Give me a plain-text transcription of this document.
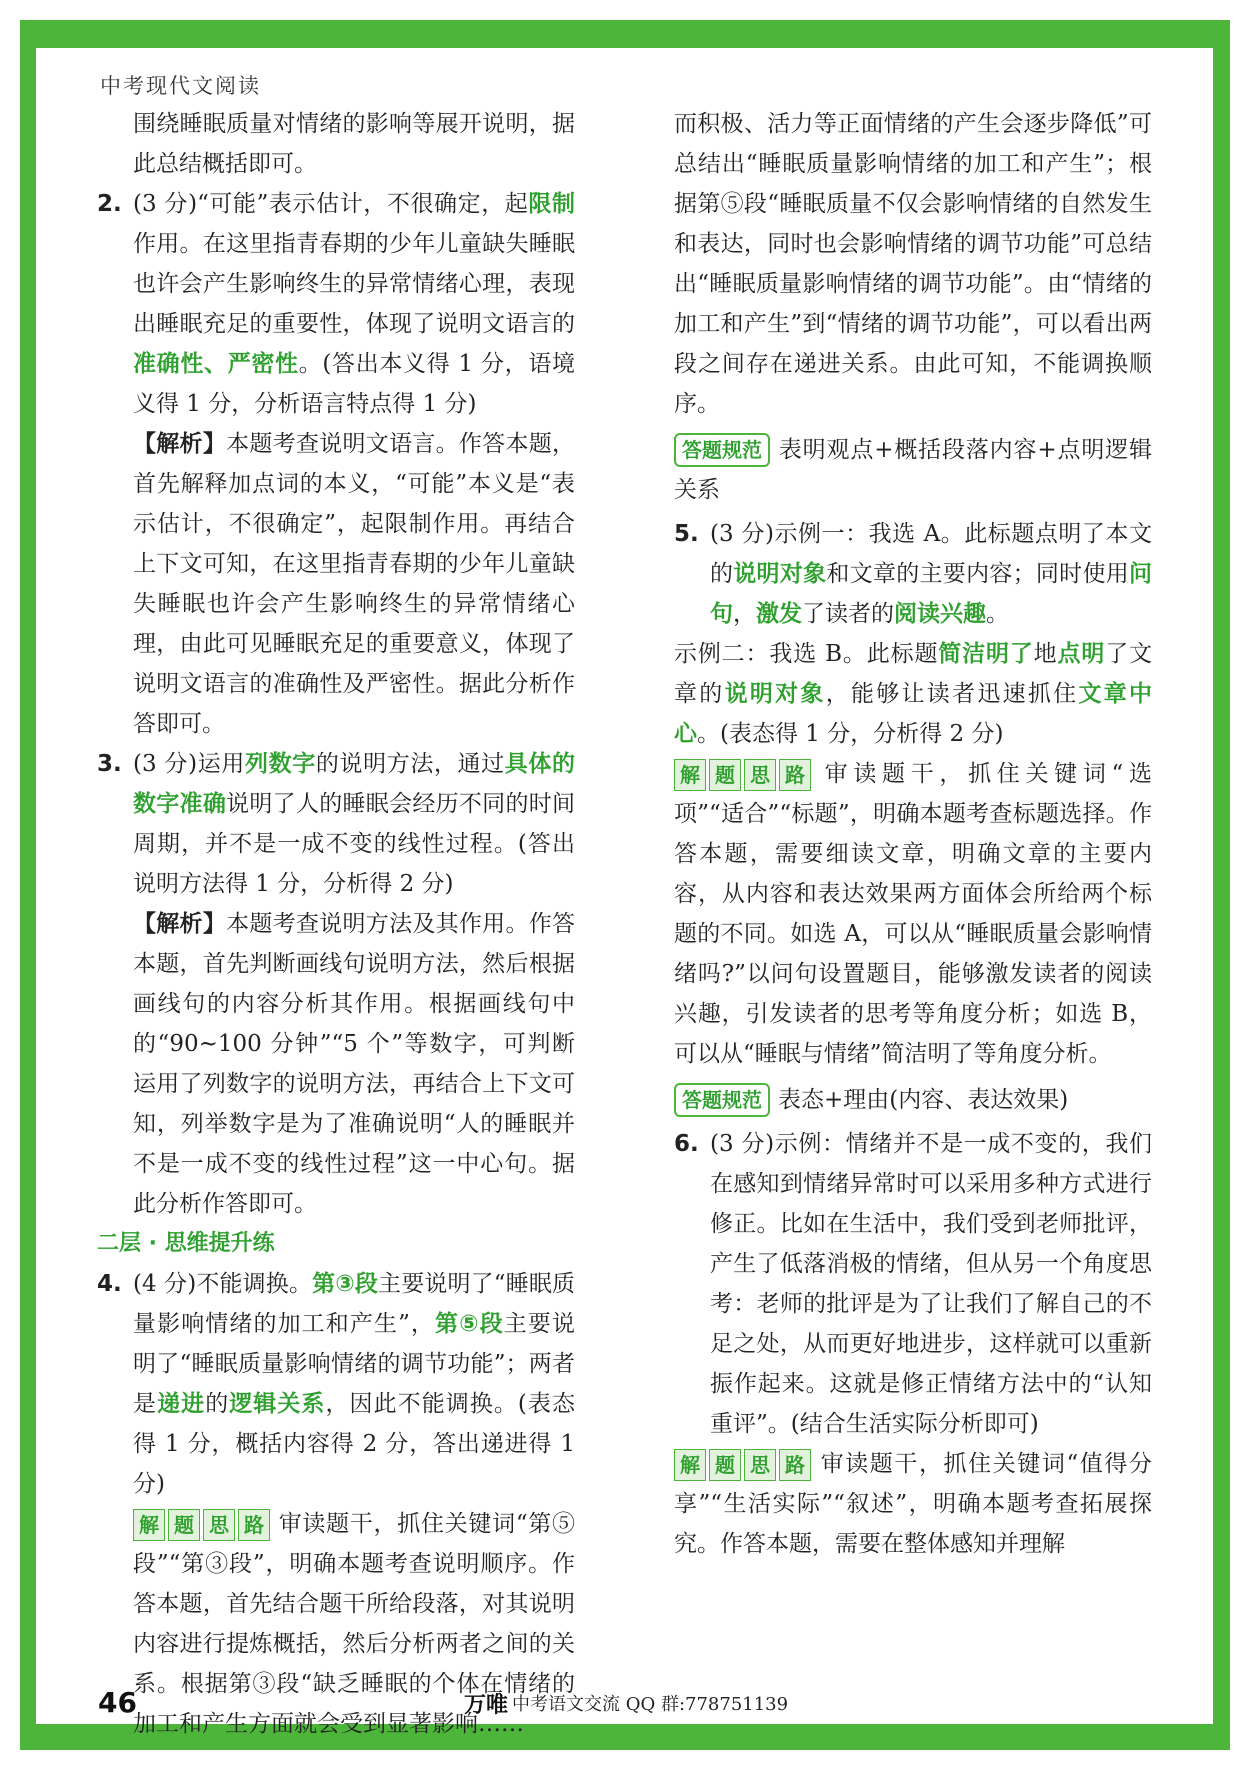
中考现代文阅读
围绕睡眠质量对情绪的影响等展开说明，据此总结概括即可。
2. (3 分)“可能”表示估计，不很确定，起限制作用。在这里指青春期的少年儿童缺失睡眠也许会产生影响终生的异常情绪心理，表现出睡眠充足的重要性，体现了说明文语言的准确性、严密性。(答出本义得 1 分，语境义得 1 分，分析语言特点得 1 分)
【解析】本题考查说明文语言。作答本题，首先解释加点词的本义，“可能”本义是“表示估计，不很确定”，起限制作用。再结合上下文可知，在这里指青春期的少年儿童缺失睡眠也许会产生影响终生的异常情绪心理，由此可见睡眠充足的重要意义，体现了说明文语言的准确性及严密性。据此分析作答即可。
3. (3 分)运用列数字的说明方法，通过具体的数字准确说明了人的睡眠会经历不同的时间周期，并不是一成不变的线性过程。(答出说明方法得 1 分，分析得 2 分)
【解析】本题考查说明方法及其作用。作答本题，首先判断画线句说明方法，然后根据画线句的内容分析其作用。根据画线句中的“90~100 分钟”“5 个”等数字，可判断运用了列数字的说明方法，再结合上下文可知，列举数字是为了准确说明“人的睡眠并不是一成不变的线性过程”这一中心句。据此分析作答即可。
二层 · 思维提升练
4. (4 分)不能调换。第③段主要说明了“睡眠质量影响情绪的加工和产生”，第⑤段主要说明了“睡眠质量影响情绪的调节功能”；两者是递进的逻辑关系，因此不能调换。(表态得 1 分，概括内容得 2 分，答出递进得 1 分)
解 题 思 路 审读题干，抓住关键词“第⑤段”“第③段”，明确本题考查说明顺序。作答本题，首先结合题干所给段落，对其说明内容进行提炼概括，然后分析两者之间的关系。根据第③段“缺乏睡眠的个体在情绪的加工和产生方面就会受到显著影响……
而积极、活力等正面情绪的产生会逐步降低”可总结出“睡眠质量影响情绪的加工和产生”；根据第⑤段“睡眠质量不仅会影响情绪的自然发生和表达，同时也会影响情绪的调节功能”可总结出“睡眠质量影响情绪的调节功能”。由“情绪的加工和产生”到“情绪的调节功能”，可以看出两段之间存在递进关系。由此可知，不能调换顺序。
答题规范 表明观点+概括段落内容+点明逻辑关系
5. (3 分)示例一：我选 A。此标题点明了本文的说明对象和文章的主要内容；同时使用问句，激发了读者的阅读兴趣。
示例二：我选 B。此标题简洁明了地点明了文章的说明对象，能够让读者迅速抓住文章中心。(表态得 1 分，分析得 2 分)
解 题 思 路 审读题干，抓住关键词“选项”“适合”“标题”，明确本题考查标题选择。作答本题，需要细读文章，明确文章的主要内容，从内容和表达效果两方面体会所给两个标题的不同。如选 A，可以从“睡眠质量会影响情绪吗?”以问句设置题目，能够激发读者的阅读兴趣，引发读者的思考等角度分析；如选 B，可以从“睡眠与情绪”简洁明了等角度分析。
答题规范 表态+理由(内容、表达效果)
6. (3 分)示例：情绪并不是一成不变的，我们在感知到情绪异常时可以采用多种方式进行修正。比如在生活中，我们受到老师批评，产生了低落消极的情绪，但从另一个角度思考：老师的批评是为了让我们了解自己的不足之处，从而更好地进步，这样就可以重新振作起来。这就是修正情绪方法中的“认知重评”。(结合生活实际分析即可)
解 题 思 路 审读题干，抓住关键词“值得分享”“生活实际”“叙述”，明确本题考查拓展探究。作答本题，需要在整体感知并理解
46	万唯 中考语文交流 QQ 群:778751139
